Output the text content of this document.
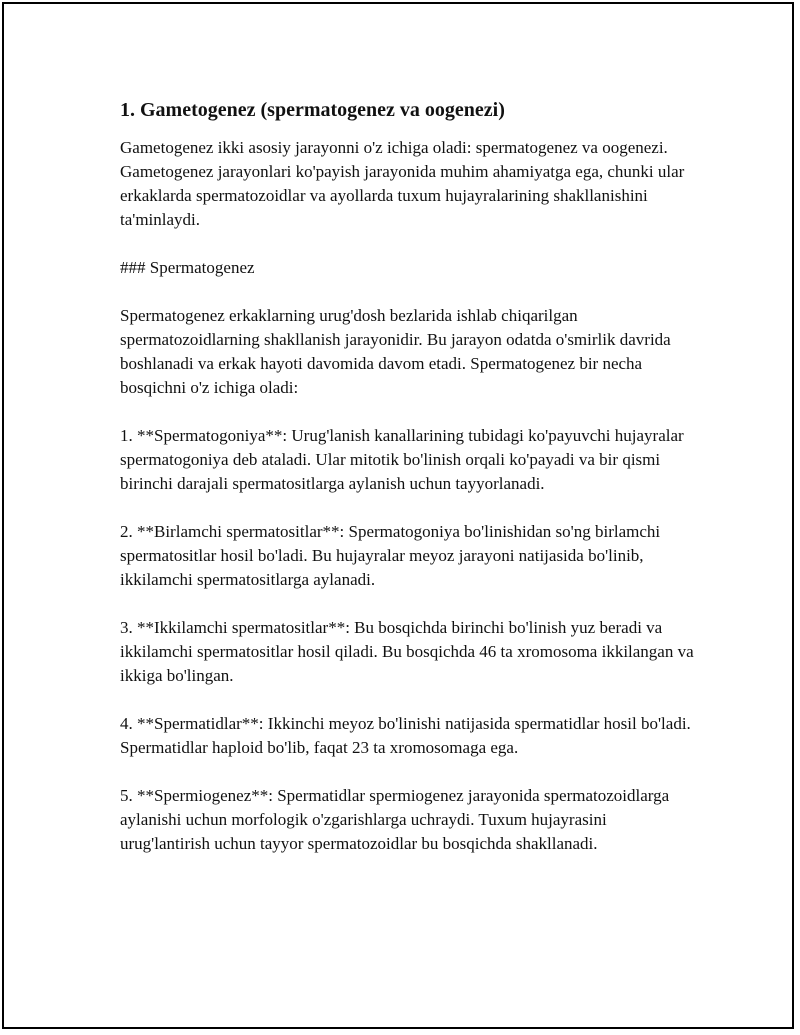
1. Gametogenez (spermatogenez va oogenezi)

Gametogenez ikki asosiy jarayonni o'z ichiga oladi: spermatogenez va oogenezi. Gametogenez jarayonlari ko'payish jarayonida muhim ahamiyatga ega, chunki ular erkaklarda spermatozoidlar va ayollarda tuxum hujayralarining shakllanishini ta'minlaydi.

### Spermatogenez

Spermatogenez erkaklarning urug'dosh bezlarida ishlab chiqarilgan spermatozoidlarning shakllanish jarayonidir. Bu jarayon odatda o'smirlik davrida boshlanadi va erkak hayoti davomida davom etadi. Spermatogenez bir necha bosqichni o'z ichiga oladi:

1. **Spermatogoniya**: Urug'lanish kanallarining tubidagi ko'payuvchi hujayralar spermatogoniya deb ataladi. Ular mitotik bo'linish orqali ko'payadi va bir qismi birinchi darajali spermatositlarga aylanish uchun tayyorlanadi.

2. **Birlamchi spermatositlar**: Spermatogoniya bo'linishidan so'ng birlamchi spermatositlar hosil bo'ladi. Bu hujayralar meyoz jarayoni natijasida bo'linib, ikkilamchi spermatositlarga aylanadi.

3. **Ikkilamchi spermatositlar**: Bu bosqichda birinchi bo'linish yuz beradi va ikkilamchi spermatositlar hosil qiladi. Bu bosqichda 46 ta xromosoma ikkilangan va ikkiga bo'lingan.

4. **Spermatidlar**: Ikkinchi meyoz bo'linishi natijasida spermatidlar hosil bo'ladi. Spermatidlar haploid bo'lib, faqat 23 ta xromosomaga ega.

5. **Spermiogenez**: Spermatidlar spermiogenez jarayonida spermatozoidlarga aylanishi uchun morfologik o'zgarishlarga uchraydi. Tuxum hujayrasini urug'lantirish uchun tayyor spermatozoidlar bu bosqichda shakllanadi.
